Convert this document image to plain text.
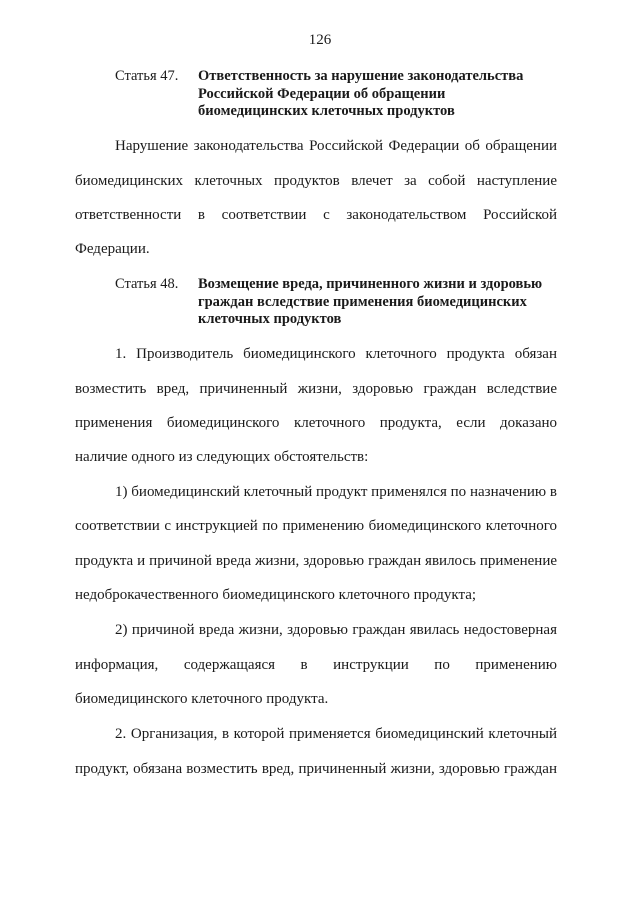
126
Статья 47. Ответственность за нарушение законодательства
Российской Федерации об обращении
биомедицинских клеточных продуктов
Нарушение законодательства Российской Федерации об обращении
биомедицинских клеточных продуктов влечет за собой наступление
ответственности в соответствии с законодательством Российской
Федерации.
Статья 48. Возмещение вреда, причиненного жизни и здоровью
граждан вследствие применения биомедицинских
клеточных продуктов
1. Производитель биомедицинского клеточного продукта обязан
возместить вред, причиненный жизни, здоровью граждан вследствие
применения биомедицинского клеточного продукта, если доказано
наличие одного из следующих обстоятельств:
1) биомедицинский клеточный продукт применялся по назначению в
соответствии с инструкцией по применению биомедицинского клеточного
продукта и причиной вреда жизни, здоровью граждан явилось применение
недоброкачественного биомедицинского клеточного продукта;
2) причиной вреда жизни, здоровью граждан явилась недостоверная
информация, содержащаяся в инструкции по применению
биомедицинского клеточного продукта.
2. Организация, в которой применяется биомедицинский клеточный
продукт, обязана возместить вред, причиненный жизни, здоровью граждан
